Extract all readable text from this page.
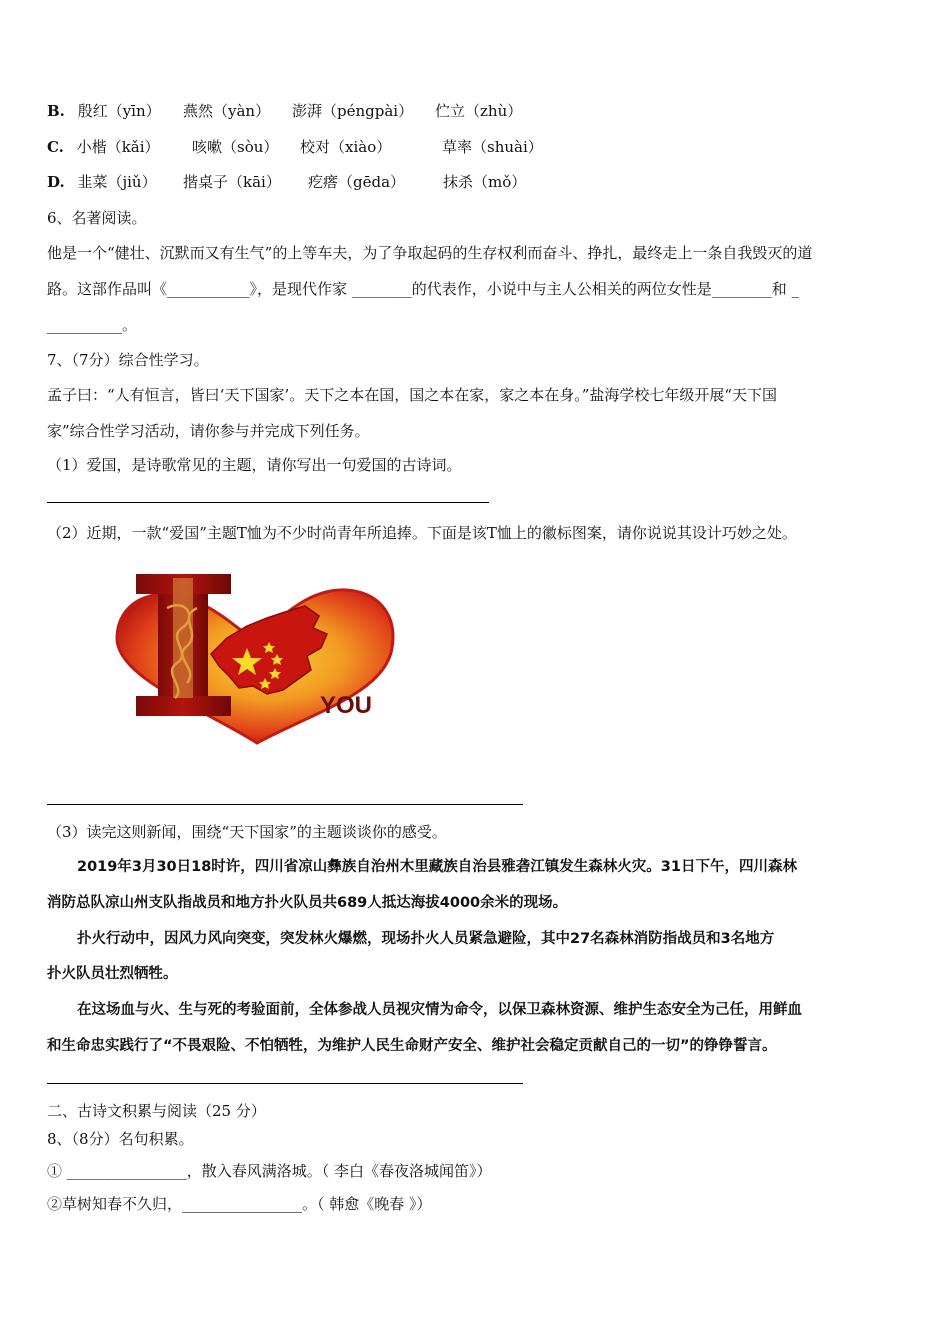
B. 殷红（yīn） 燕然（yàn） 澎湃（péngpài） 伫立（zhù）
C. 小楷（kǎi） 咳嗽（sòu） 校对（xiào）	草率（shuài）
D. 韭菜（jiǔ） 揩桌子（kāi） 疙瘩（gēda）	抹杀（mǒ）
6、名著阅读。
他是一个“健壮、沉默而又有生气”的上等车夫，为了争取起码的生存权利而奋斗、挣扎，最终走上一条自我毁灭的道
路。这部作品叫《___________》，是现代作家 ________的代表作，小说中与主人公相关的两位女性是________和 _
__________。
7、（7分）综合性学习。
孟子曰：“人有恒言，皆曰‘天下国家’。天下之本在国，国之本在家，家之本在身。”盐海学校七年级开展“天下国
家”综合性学习活动，请你参与并完成下列任务。
（1）爱国，是诗歌常见的主题，请你写出一句爱国的古诗词。
（2）近期，一款“爱国”主题T恤为不少时尚青年所追捧。下面是该T恤上的徽标图案，请你说说其设计巧妙之处。
I
YOU
（3）读完这则新闻，围绕“天下国家”的主题谈谈你的感受。
2019年3月30日18时许，四川省凉山彝族自治州木里藏族自治县雅砻江镇发生森林火灾。31日下午，四川森林
消防总队凉山州支队指战员和地方扑火队员共689人抵达海拔4000余米的现场。
扑火行动中，因风力风向突变，突发林火爆燃，现场扑火人员紧急避险，其中27名森林消防指战员和3名地方
扑火队员壮烈牺牲。
在这场血与火、生与死的考验面前，全体参战人员视灾情为命令，以保卫森林资源、维护生态安全为己任，用鲜血
和生命忠实践行了“不畏艰险、不怕牺牲，为维护人民生命财产安全、维护社会稳定贡献自己的一切”的铮铮誓言。
二、古诗文积累与阅读（25 分）
8、（8分）名句积累。
① ________________，散入春风满洛城。（ 李白《春夜洛城闻笛》）
②草树知春不久归，________________。（ 韩愈《晚春 》）
